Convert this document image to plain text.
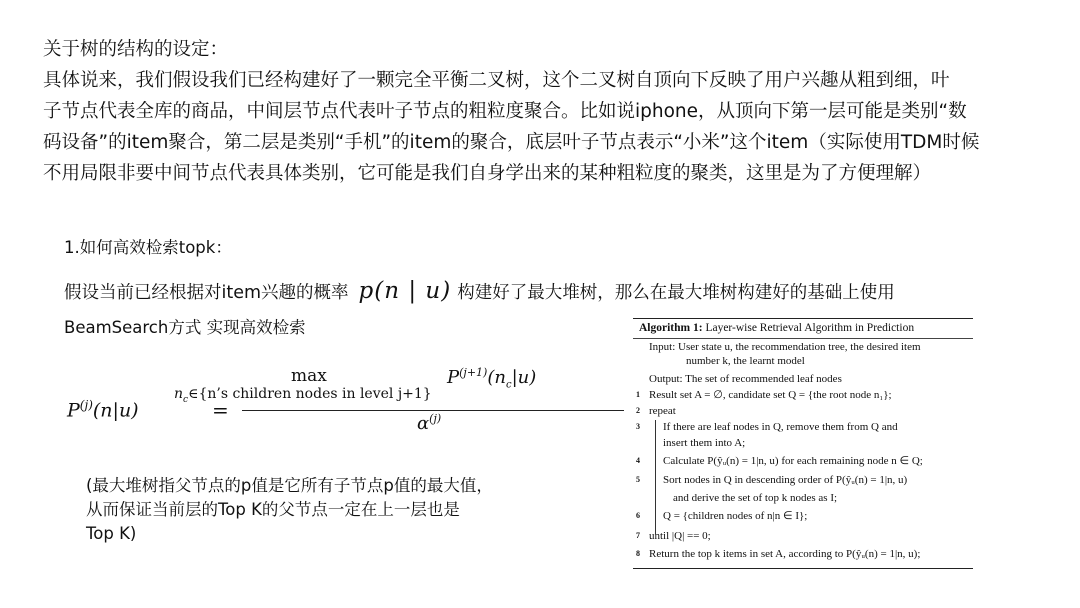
关于树的结构的设定：

具体说来，我们假设我们已经构建好了一颗完全平衡二叉树，这个二叉树自顶向下反映了用户兴趣从粗到细，叶

子节点代表全库的商品，中间层节点代表叶子节点的粗粒度聚合。比如说iphone，从顶向下第一层可能是类别“数

码设备”的item聚合，第二层是类别“手机”的item的聚合，底层叶子节点表示“小米”这个item（实际使用TDM时候

不用局限非要中间节点代表具体类别，它可能是我们自身学出来的某种粗粒度的聚类，这里是为了方便理解）

1.如何高效检索topk：
假设当前已经根据对item兴趣的概率 p(n | u) 构建好了最大堆树，那么在最大堆树构建好的基础上使用
BeamSearch方式 实现高效检索
$P^{(j)}(n|u)$	=
max
$n_c\in\{n’s$ children nodes in level j+1}
$P^{(j+1)}(n_c|u)$
$\alpha^{(j)}$

(最大堆树指父节点的p值是它所有子节点p值的最大值，

从而保证当前层的Top K的父节点一定在上一层也是

Top K)

Algorithm 1: Layer-wise Retrieval Algorithm in Prediction
Input: User state u, the recommendation tree, the desired item
number k, the learnt model
Output: The set of recommended leaf nodes
1 Result set A = ∅, candidate set Q = {the root node n₁};
2 repeat
3 If there are leaf nodes in Q, remove them from Q and
insert them into A;
4 Calculate P(ŷᵤ(n) = 1|n, u) for each remaining node n ∈ Q;
5 Sort nodes in Q in descending order of P(ŷᵤ(n) = 1|n, u)
and derive the set of top k nodes as I;
6 Q = {children nodes of n|n ∈ I};
7 until |Q| == 0;
8 Return the top k items in set A, according to P(ŷᵤ(n) = 1|n, u);
